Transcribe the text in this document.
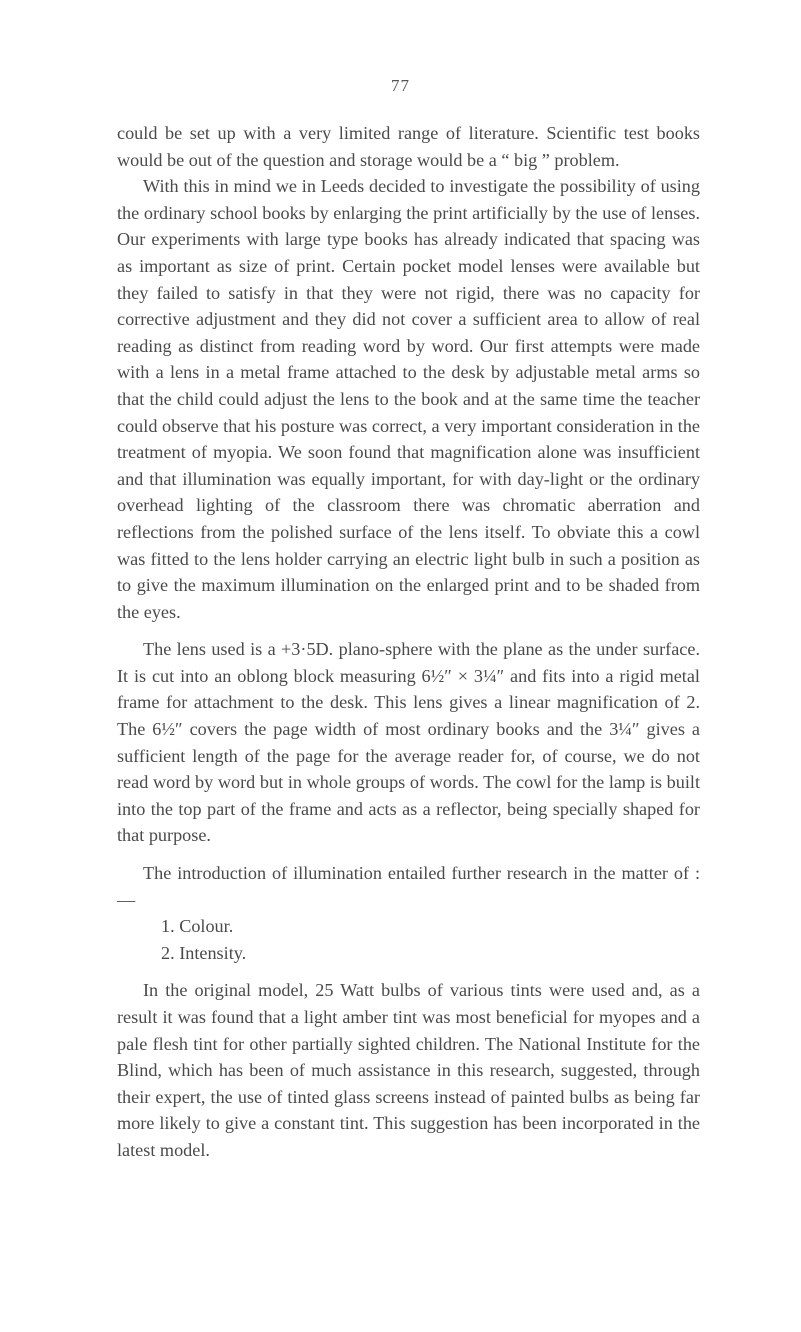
77

could be set up with a very limited range of literature. Scientific test books would be out of the question and storage would be a “ big ” problem.

With this in mind we in Leeds decided to investigate the possibility of using the ordinary school books by enlarging the print artificially by the use of lenses. Our experiments with large type books has already indicated that spacing was as important as size of print. Certain pocket model lenses were available but they failed to satisfy in that they were not rigid, there was no capacity for corrective adjustment and they did not cover a sufficient area to allow of real reading as distinct from reading word by word. Our first attempts were made with a lens in a metal frame attached to the desk by adjustable metal arms so that the child could adjust the lens to the book and at the same time the teacher could observe that his posture was correct, a very important consideration in the treatment of myopia. We soon found that magnification alone was insufficient and that illumination was equally important, for with day-light or the ordinary overhead lighting of the classroom there was chromatic aberration and reflections from the polished surface of the lens itself. To obviate this a cowl was fitted to the lens holder carrying an electric light bulb in such a position as to give the maximum illumination on the enlarged print and to be shaded from the eyes.

The lens used is a +3·5D. plano-sphere with the plane as the under surface. It is cut into an oblong block measuring 6½″ × 3¼″ and fits into a rigid metal frame for attachment to the desk. This lens gives a linear magnification of 2. The 6½″ covers the page width of most ordinary books and the 3¼″ gives a sufficient length of the page for the average reader for, of course, we do not read word by word but in whole groups of words. The cowl for the lamp is built into the top part of the frame and acts as a reflector, being specially shaped for that purpose.

The introduction of illumination entailed further research in the matter of :—

1. Colour.
2. Intensity.

In the original model, 25 Watt bulbs of various tints were used and, as a result it was found that a light amber tint was most beneficial for myopes and a pale flesh tint for other partially sighted children. The National Institute for the Blind, which has been of much assistance in this research, suggested, through their expert, the use of tinted glass screens instead of painted bulbs as being far more likely to give a constant tint. This suggestion has been incorporated in the latest model.
